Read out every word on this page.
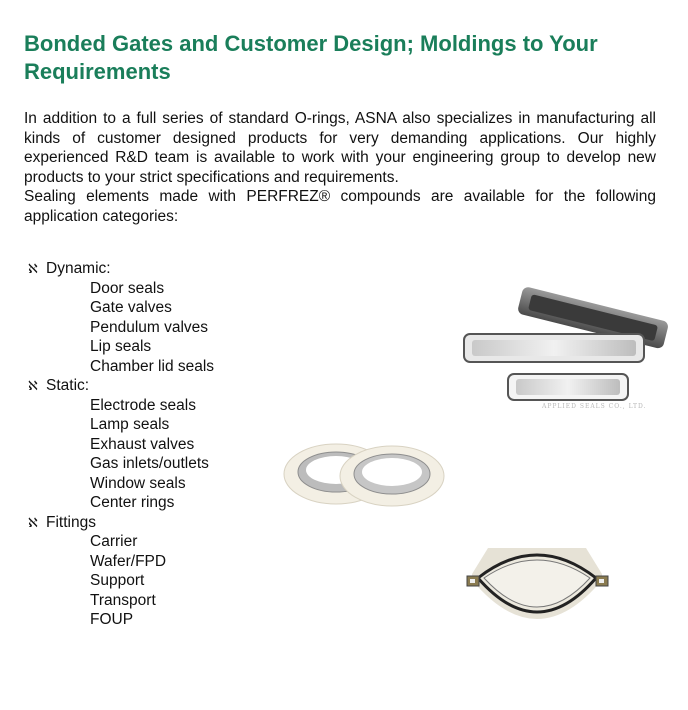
Bonded Gates and Customer Design; Moldings to Your Requirements

In addition to a full series of standard O-rings, ASNA also specializes in manufacturing all kinds of customer designed products for very demanding applications. Our highly experienced R&D team is available to work with your engineering group to develop new products to your strict specifications and requirements.

Sealing elements made with PERFREZ® compounds are available for the following application categories:

ℵ Dynamic:
Door seals
Gate valves
Pendulum valves
Lip seals
Chamber lid seals
ℵ Static:
Electrode seals
Lamp seals
Exhaust valves
Gas inlets/outlets
Window seals
Center rings
ℵ Fittings
Carrier
Wafer/FPD
Support
Transport
FOUP
APPLIED SEALS CO., LTD.
